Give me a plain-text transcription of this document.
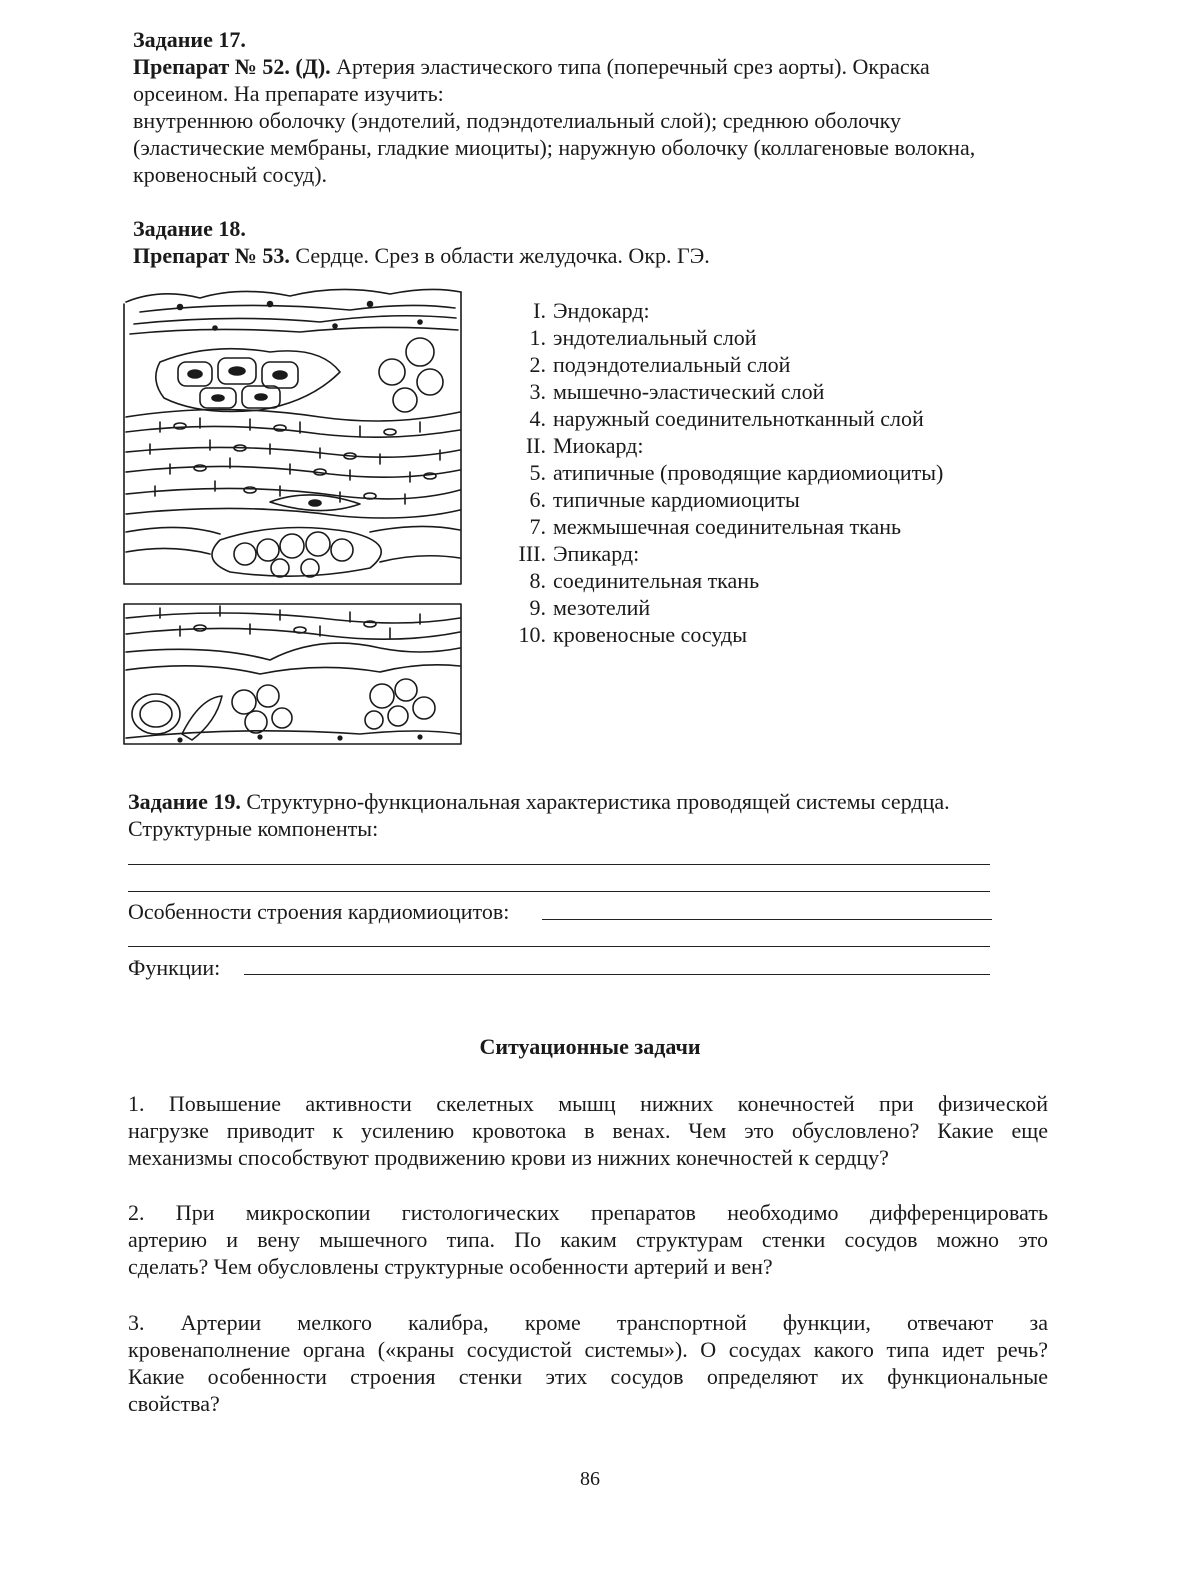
Задание 17.
Препарат № 52. (Д). Артерия эластического типа (поперечный срез аорты). Окраска
орсеином. На препарате изучить:
внутреннюю оболочку (эндотелий, подэндотелиальный слой); среднюю оболочку
(эластические мембраны, гладкие миоциты); наружную оболочку (коллагеновые волокна,
кровеносный сосуд).
Задание 18.
Препарат № 53. Сердце. Срез в области желудочка. Окр. ГЭ.
I. Эндокард:
1. эндотелиальный слой
2. подэндотелиальный слой
3. мышечно-эластический слой
4. наружный соединительнотканный слой
II. Миокард:
5. атипичные (проводящие кардиомиоциты)
6. типичные кардиомиоциты
7. межмышечная соединительная ткань
III. Эпикард:
8. соединительная ткань
9. мезотелий
10. кровеносные сосуды
Задание 19. Структурно-функциональная характеристика проводящей системы сердца.
Структурные компоненты:
Особенности строения кардиомиоцитов:
Функции:
Ситуационные задачи
1. Повышение активности скелетных мышц нижних конечностей при физической
нагрузке приводит к усилению кровотока в венах. Чем это обусловлено? Какие еще
механизмы способствуют продвижению крови из нижних конечностей к сердцу?
2. При микроскопии гистологических препаратов необходимо дифференцировать
артерию и вену мышечного типа. По каким структурам стенки сосудов можно это
сделать? Чем обусловлены структурные особенности артерий и вен?
3. Артерии мелкого калибра, кроме транспортной функции, отвечают за
кровенаполнение органа («краны сосудистой системы»). О сосудах какого типа идет речь?
Какие особенности строения стенки этих сосудов определяют их функциональные
свойства?
86
